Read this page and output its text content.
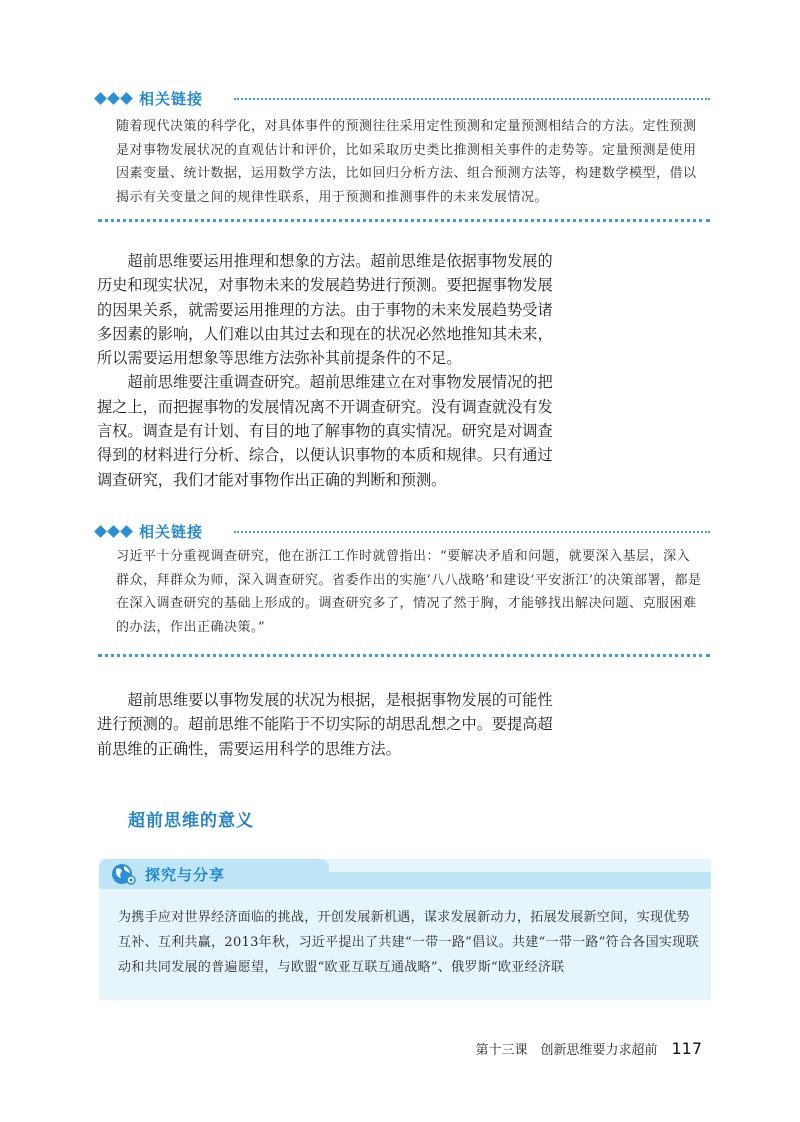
相关链接
随着现代决策的科学化，对具体事件的预测往往采用定性预测和定量预测相结合的方法。定性预测是对事物发展状况的直观估计和评价，比如采取历史类比推测相关事件的走势等。定量预测是使用因素变量、统计数据，运用数学方法，比如回归分析方法、组合预测方法等，构建数学模型，借以揭示有关变量之间的规律性联系，用于预测和推测事件的未来发展情况。

超前思维要运用推理和想象的方法。超前思维是依据事物发展的历史和现实状况，对事物未来的发展趋势进行预测。要把握事物发展的因果关系，就需要运用推理的方法。由于事物的未来发展趋势受诸多因素的影响，人们难以由其过去和现在的状况必然地推知其未来，所以需要运用想象等思维方法弥补其前提条件的不足。

超前思维要注重调查研究。超前思维建立在对事物发展情况的把握之上，而把握事物的发展情况离不开调查研究。没有调查就没有发言权。调查是有计划、有目的地了解事物的真实情况。研究是对调查得到的材料进行分析、综合，以便认识事物的本质和规律。只有通过调查研究，我们才能对事物作出正确的判断和预测。

相关链接
习近平十分重视调查研究，他在浙江工作时就曾指出：“要解决矛盾和问题，就要深入基层，深入群众，拜群众为师，深入调查研究。省委作出的实施‘八八战略’和建设‘平安浙江’的决策部署，都是在深入调查研究的基础上形成的。调查研究多了，情况了然于胸，才能够找出解决问题、克服困难的办法，作出正确决策。”

超前思维要以事物发展的状况为根据，是根据事物发展的可能性进行预测的。超前思维不能陷于不切实际的胡思乱想之中。要提高超前思维的正确性，需要运用科学的思维方法。

超前思维的意义
探究与分享
为携手应对世界经济面临的挑战，开创发展新机遇，谋求发展新动力，拓展发展新空间，实现优势互补、互利共赢，2013年秋，习近平提出了共建“一带一路”倡议。共建“一带一路”符合各国实现联动和共同发展的普遍愿望，与欧盟“欧亚互联互通战略”、俄罗斯“欧亚经济联
第十三课　创新思维要力求超前 117
